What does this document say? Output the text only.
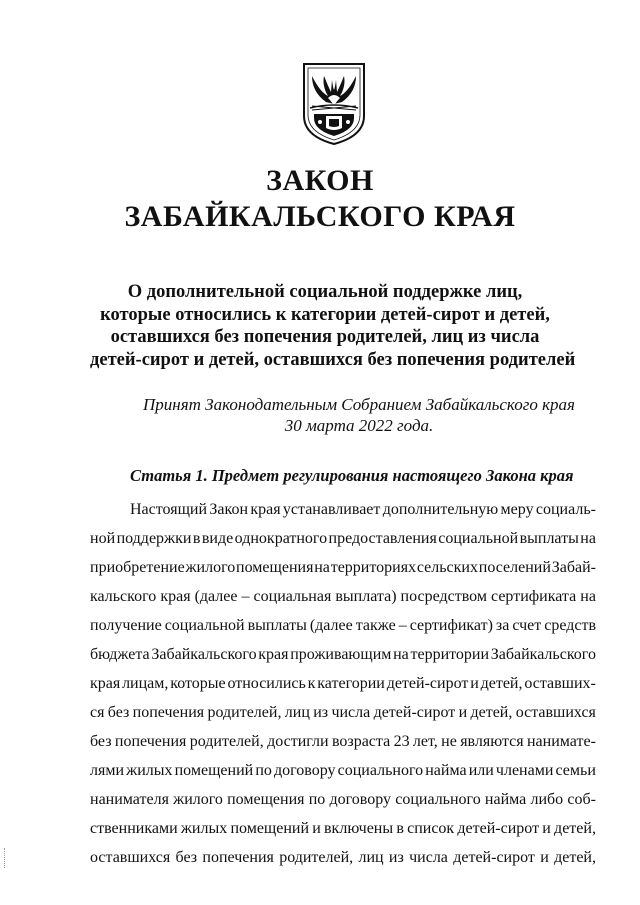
ЗАКОН
ЗАБАЙКАЛЬСКОГО КРАЯ
О дополнительной социальной поддержке лиц,
которые относились к категории детей-сирот и детей,
оставшихся без попечения родителей, лиц из числа
детей-сирот и детей, оставшихся без попечения родителей
Принят Законодательным Собранием Забайкальского края
30 марта 2022 года.
Статья 1. Предмет регулирования настоящего Закона края
Настоящий Закон края устанавливает дополнительную меру социаль-
ной поддержки в виде однократного предоставления социальной выплаты на
приобретение жилого помещения на территориях сельских поселений Забай-
кальского края (далее – социальная выплата) посредством сертификата на
получение социальной выплаты (далее также – сертификат) за счет средств
бюджета Забайкальского края проживающим на территории Забайкальского
края лицам, которые относились к категории детей-сирот и детей, оставших-
ся без попечения родителей, лиц из числа детей-сирот и детей, оставшихся
без попечения родителей, достигли возраста 23 лет, не являются нанимате-
лями жилых помещений по договору социального найма или членами семьи
нанимателя жилого помещения по договору социального найма либо соб-
ственниками жилых помещений и включены в список детей-сирот и детей,
оставшихся без попечения родителей, лиц из числа детей-сирот и детей,
